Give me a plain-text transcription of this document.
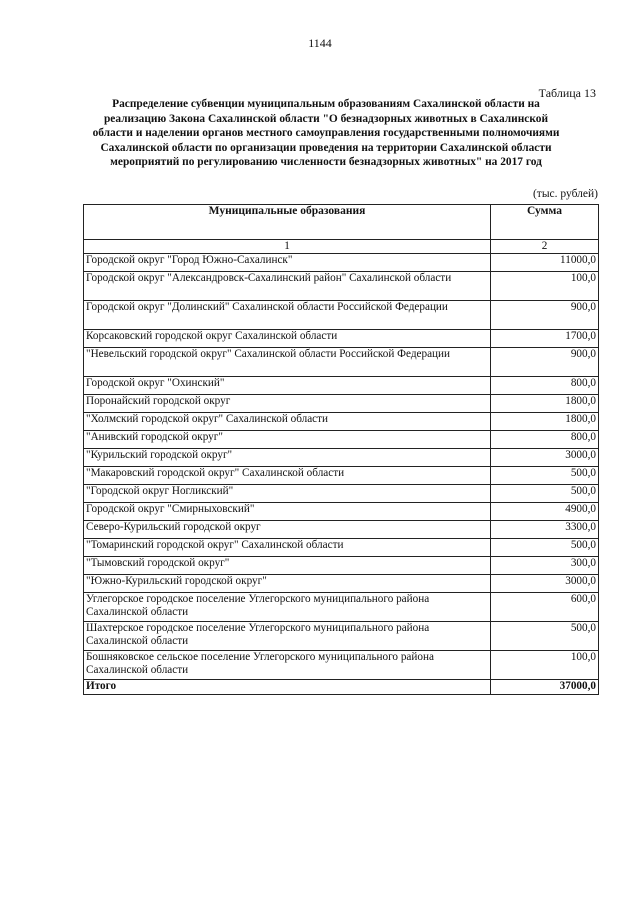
1144
Таблица 13
Распределение субвенции муниципальным образованиям Сахалинской области на реализацию Закона Сахалинской области "О безнадзорных животных в Сахалинской области и наделении органов местного самоуправления государственными полномочиями Сахалинской области по организации проведения на территории Сахалинской области мероприятий по регулированию численности безнадзорных животных" на 2017 год
(тыс. рублей)
Муниципальные образования	Сумма
1	2
Городской округ "Город Южно-Сахалинск"	11000,0
Городской округ "Александровск-Сахалинский район" Сахалинской области	100,0
Городской округ "Долинский" Сахалинской области Российской Федерации	900,0
Корсаковский городской округ Сахалинской области	1700,0
"Невельский городской округ" Сахалинской области Российской Федерации	900,0
Городской округ "Охинский"	800,0
Поронайский городской округ	1800,0
"Холмский городской округ" Сахалинской области	1800,0
"Анивский городской округ"	800,0
"Курильский городской округ"	3000,0
"Макаровский городской округ" Сахалинской области	500,0
"Городской округ Ногликский"	500,0
Городской округ "Смирныховский"	4900,0
Северо-Курильский городской округ	3300,0
"Томаринский городской округ" Сахалинской области	500,0
"Тымовский городской округ"	300,0
"Южно-Курильский городской округ"	3000,0
Углегорское городское поселение Углегорского муниципального района Сахалинской области	600,0
Шахтерское городское поселение Углегорского муниципального района Сахалинской области	500,0
Бошняковское сельское поселение Углегорского муниципального района Сахалинской области	100,0
Итого	37000,0
